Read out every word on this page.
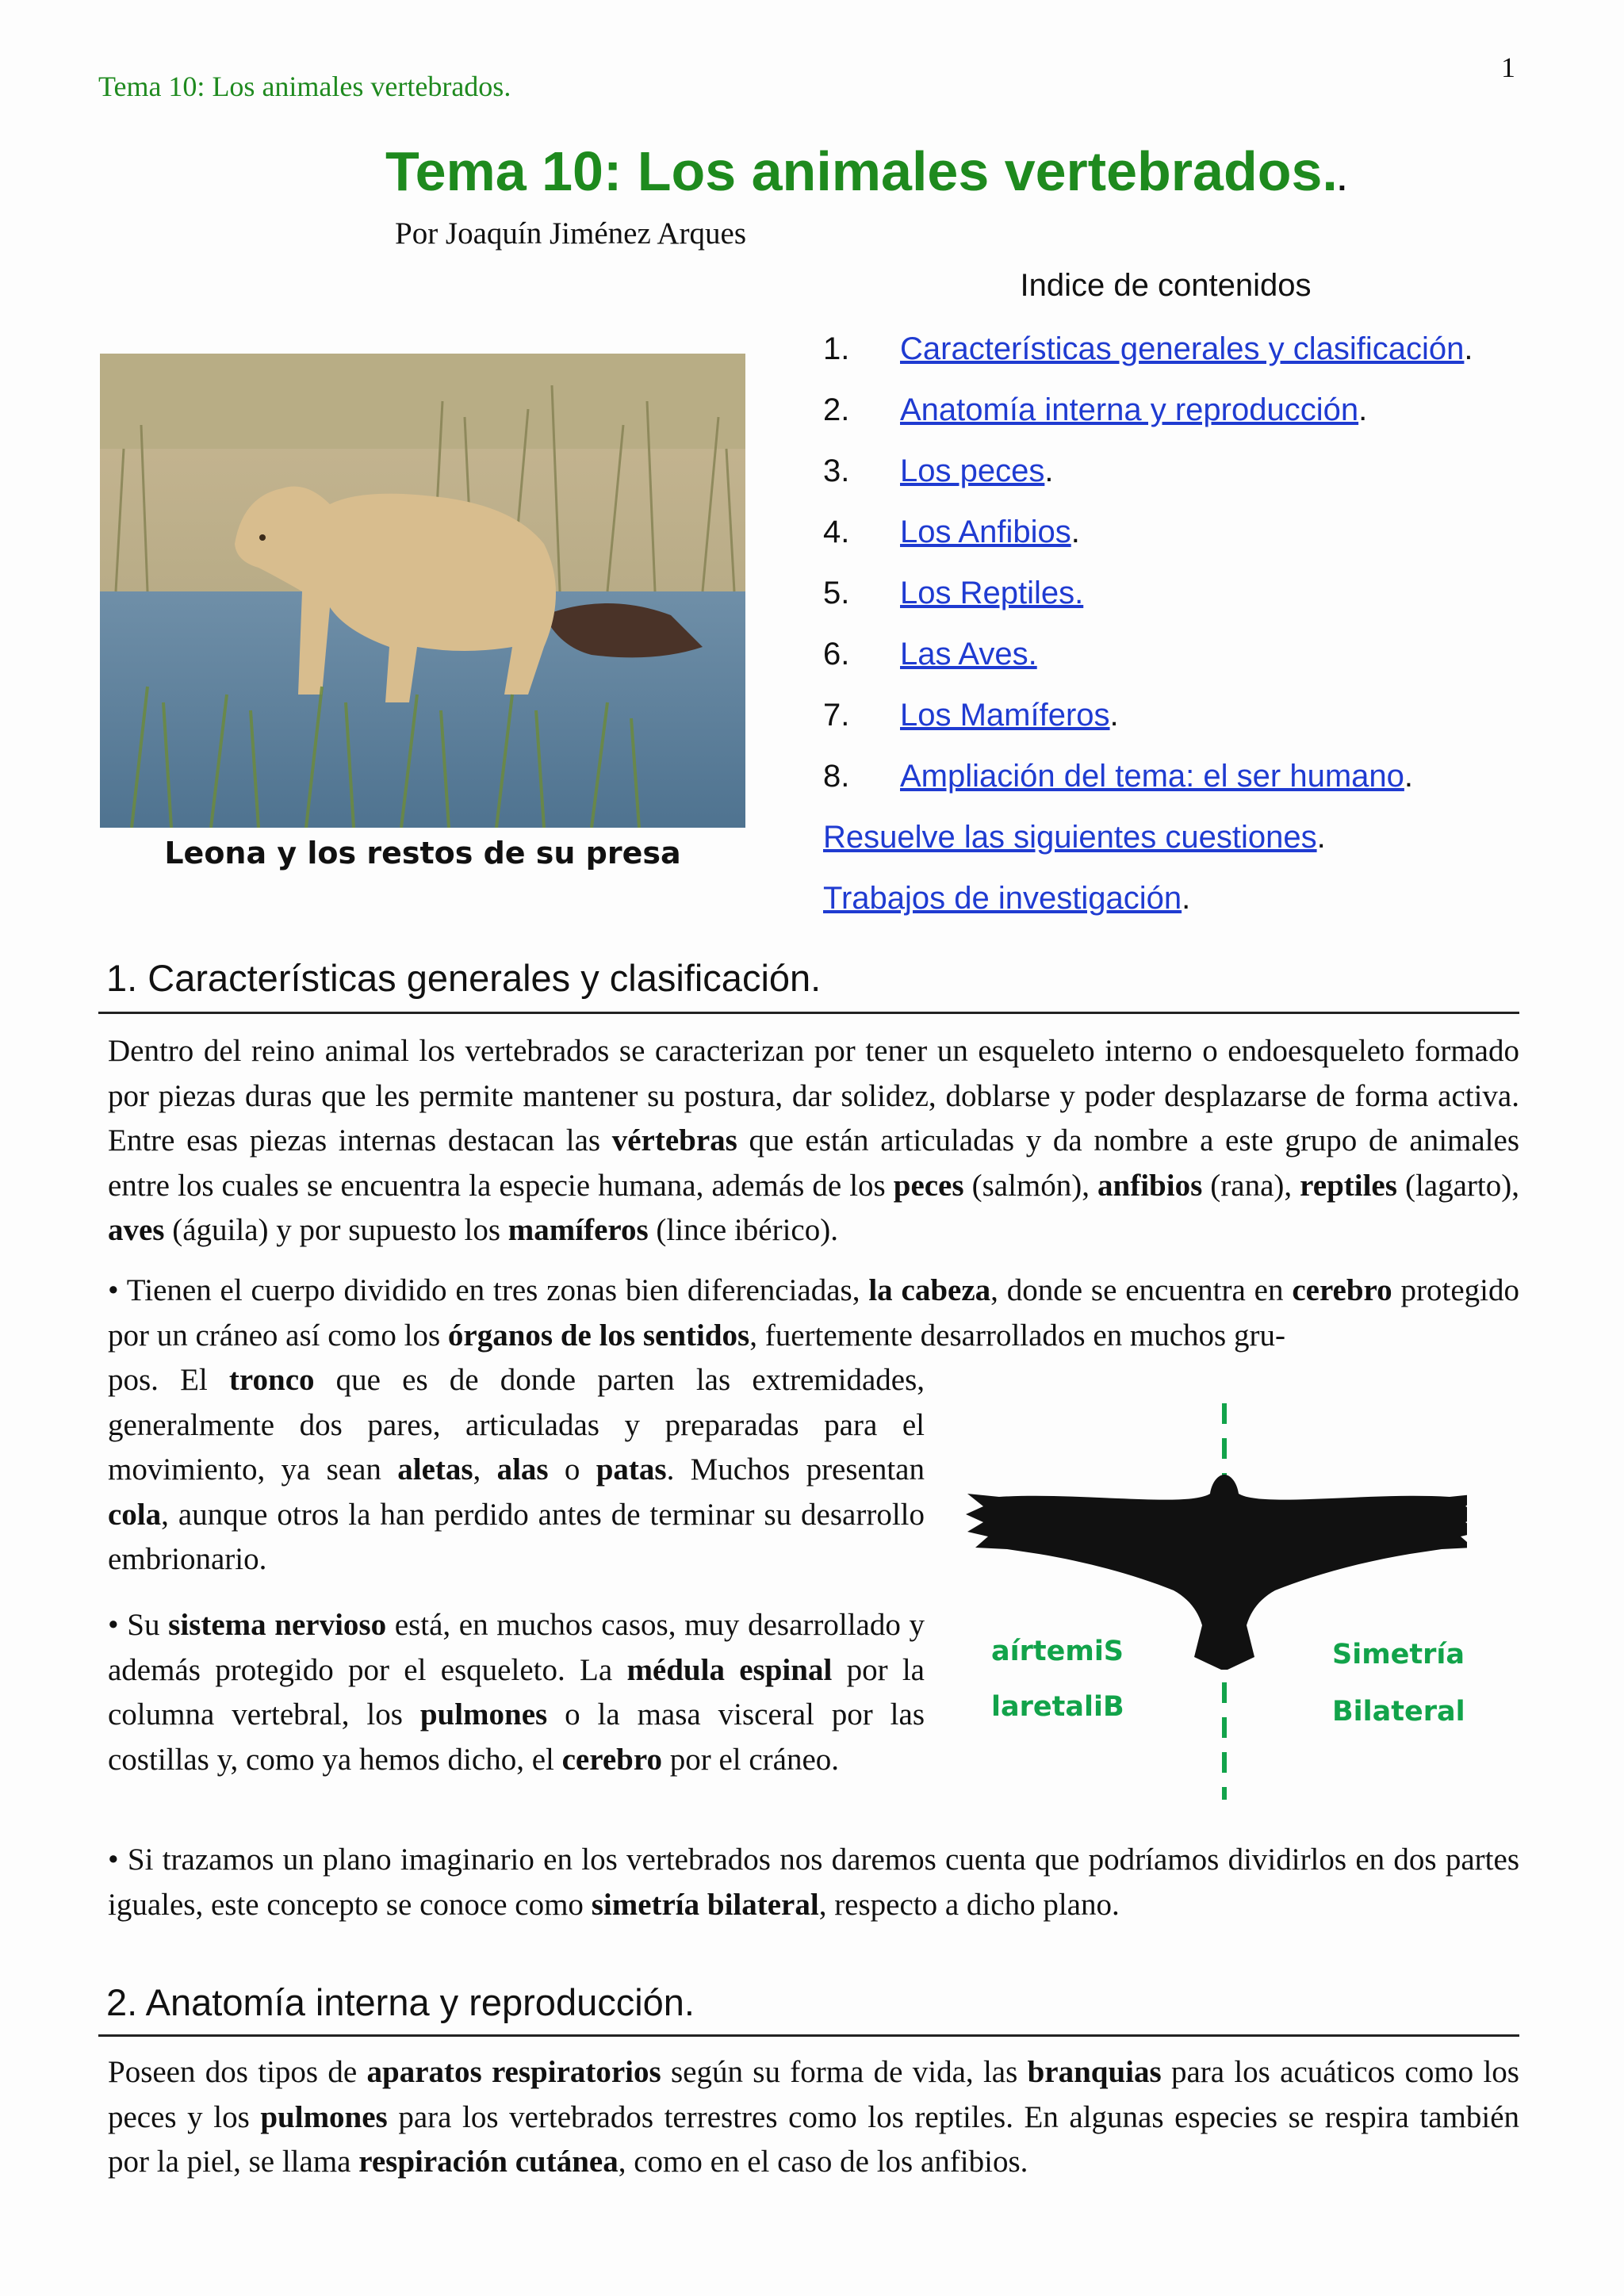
Tema 10: Los animales vertebrados.
1
Tema 10: Los animales vertebrados..
Por Joaquín Jiménez Arques
Leona y los restos de su presa
Indice de contenidos
1. Características generales y clasificación.
2. Anatomía interna y reproducción.
3. Los peces.
4. Los Anfibios.
5. Los Reptiles.
6. Las Aves.
7. Los Mamíferos.
8. Ampliación del tema: el ser humano.
Resuelve las siguientes cuestiones.
Trabajos de investigación.
1. Características generales y clasificación.
Dentro del reino animal los vertebrados se caracterizan por tener un esqueleto interno o endoesqueleto formado por piezas duras que les permite mantener su postura, dar solidez, doblarse y poder desplazarse de forma activa. Entre esas piezas internas destacan las vértebras que están articuladas y da nombre a este grupo de animales entre los cuales se encuentra la especie humana, además de los peces (salmón), anfibios (rana), reptiles (lagarto), aves (águila) y por supuesto los mamíferos (lince ibérico).
• Tienen el cuerpo dividido en tres zonas bien diferenciadas, la cabeza, donde se encuentra en cerebro protegido por un cráneo así como los órganos de los sentidos, fuertemente desarrollados en muchos gru-
pos. El tronco que es de donde parten las extremidades, generalmente dos pares, articuladas y preparadas para el movimiento, ya sean aletas, alas o patas. Muchos presentan cola, aunque otros la han perdido antes de terminar su desarrollo embrionario.
• Su sistema nervioso está, en muchos casos, muy desarrollado y además protegido por el esqueleto. La médula espinal por la columna vertebral, los pulmones o la masa visceral por las costillas y, como ya hemos dicho, el cerebro por el cráneo.
• Si trazamos un plano imaginario en los vertebrados nos daremos cuenta que podríamos dividirlos en dos partes iguales, este concepto se conoce como simetría bilateral, respecto a dicho plano.
aírtemiS
laretaliB
Simetría
Bilateral
2. Anatomía interna y reproducción.
Poseen dos tipos de aparatos respiratorios según su forma de vida, las branquias para los acuáticos como los peces y los pulmones para los vertebrados terrestres como los reptiles. En algunas especies se respira también por la piel, se llama respiración cutánea, como en el caso de los anfibios.
